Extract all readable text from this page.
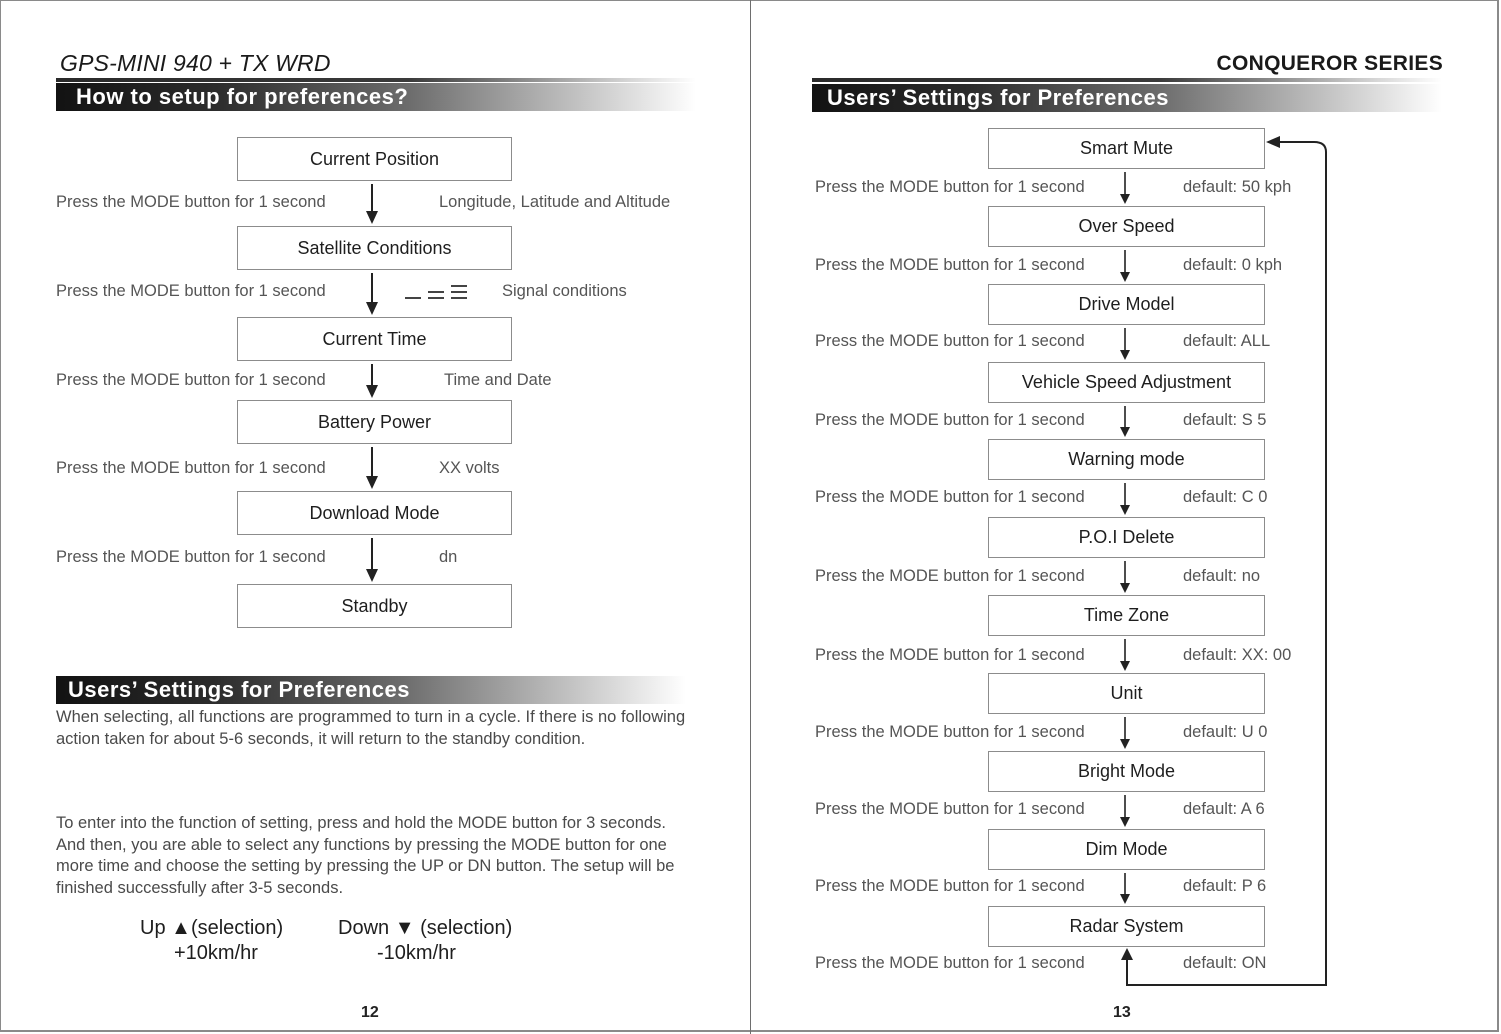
GPS-MINI 940 + TX WRD
How to setup for preferences?
Current Position
Satellite Conditions
Current Time
Battery Power
Download Mode
Standby
Press the MODE button for 1 second	Longitude, Latitude and Altitude
Press the MODE button for 1 second	Signal conditions
Press the MODE button for 1 second	Time and Date
Press the MODE button for 1 second	XX volts
Press the MODE button for 1 second	dn
Users’ Settings for Preferences
When selecting, all functions are programmed to turn in a cycle. If there is no following action taken for about 5-6 seconds, it will return to the standby condition.
To enter into the function of setting, press and hold the MODE button for 3 seconds. And then, you are able to select any functions by pressing the MODE button for one more time and choose the setting by pressing the UP or DN button. The setup will be finished successfully after 3-5 seconds.
Up ▲(selection)
+10km/hr
Down ▼ (selection)
-10km/hr
12
CONQUEROR SERIES
Users’ Settings for Preferences
Smart Mute
Over Speed
Drive Model
Vehicle Speed Adjustment
Warning mode
P.O.I Delete
Time Zone
Unit
Bright Mode
Dim Mode
Radar System
Press the MODE button for 1 second	default: 50 kph
Press the MODE button for 1 second	default: 0 kph
Press the MODE button for 1 second	default: ALL
Press the MODE button for 1 second	default: S 5
Press the MODE button for 1 second	default: C 0
Press the MODE button for 1 second	default: no
Press the MODE button for 1 second	default: XX: 00
Press the MODE button for 1 second	default: U 0
Press the MODE button for 1 second	default: A 6
Press the MODE button for 1 second	default: P 6
Press the MODE button for 1 second	default: ON
13
